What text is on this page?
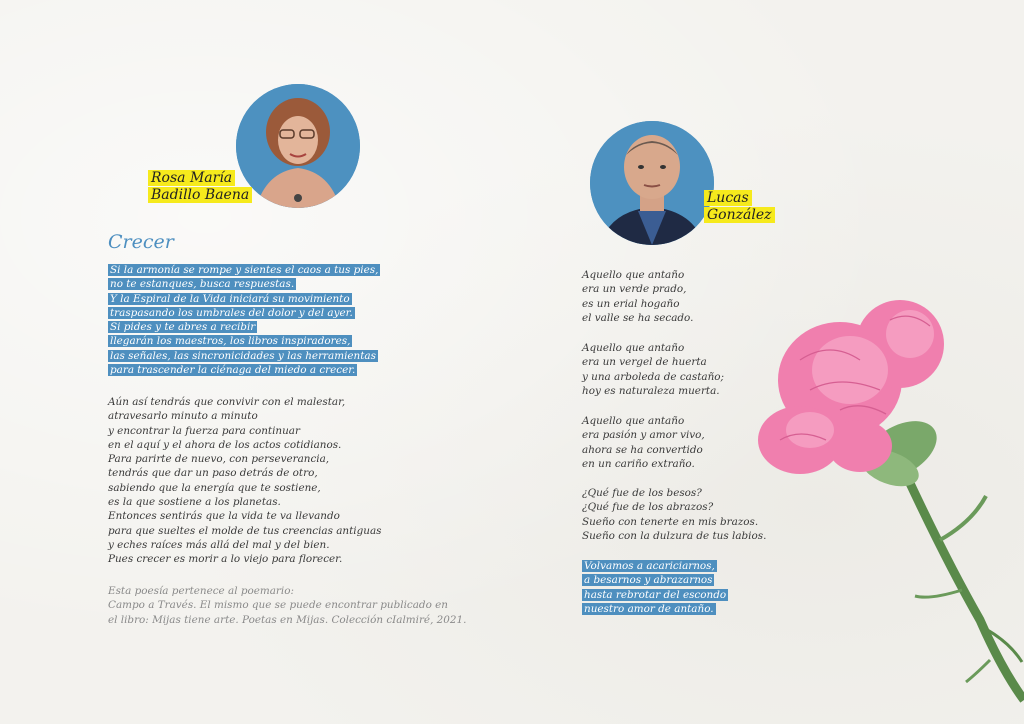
Rosa María
Badillo Baena
Crecer
Si la armonía se rompe y sientes el caos a tus pies,
no te estanques, busca respuestas.
Y la Espiral de la Vida iniciará su movimiento
traspasando los umbrales del dolor y del ayer.
Si pides y te abres a recibir
llegarán los maestros, los libros inspiradores,
las señales, las sincronicidades y las herramientas
para trascender la ciénaga del miedo a crecer.
Aún así tendrás que convivir con el malestar,
atravesarlo minuto a minuto
y encontrar la fuerza para continuar
en el aquí y el ahora de los actos cotidianos.
Para parirte de nuevo, con perseverancia,
tendrás que dar un paso detrás de otro,
sabiendo que la energía que te sostiene,
es la que sostiene a los planetas.
Entonces sentirás que la vida te va llevando
para que sueltes el molde de tus creencias antiguas
y eches raíces más allá del mal y del bien.
Pues crecer es morir a lo viejo para florecer.
Esta poesía pertenece al poemario:
Campo a Través. El mismo que se puede encontrar publicado en
el libro: Mijas tiene arte. Poetas en Mijas. Colección cIalmiré, 2021.
Lucas
González
Aquello que antaño
era un verde prado,
es un erial hogaño
el valle se ha secado.
Aquello que antaño
era un vergel de huerta
y una arboleda de castaño;
hoy es naturaleza muerta.
Aquello que antaño
era pasión y amor vivo,
ahora se ha convertido
en un cariño extraño.
¿Qué fue de los besos?
¿Qué fue de los abrazos?
Sueño con tenerte en mis brazos.
Sueño con la dulzura de tus labios.
Volvamos a acariciarnos,
a besarnos y abrazarnos
hasta rebrotar del escondo
nuestro amor de antaño.
